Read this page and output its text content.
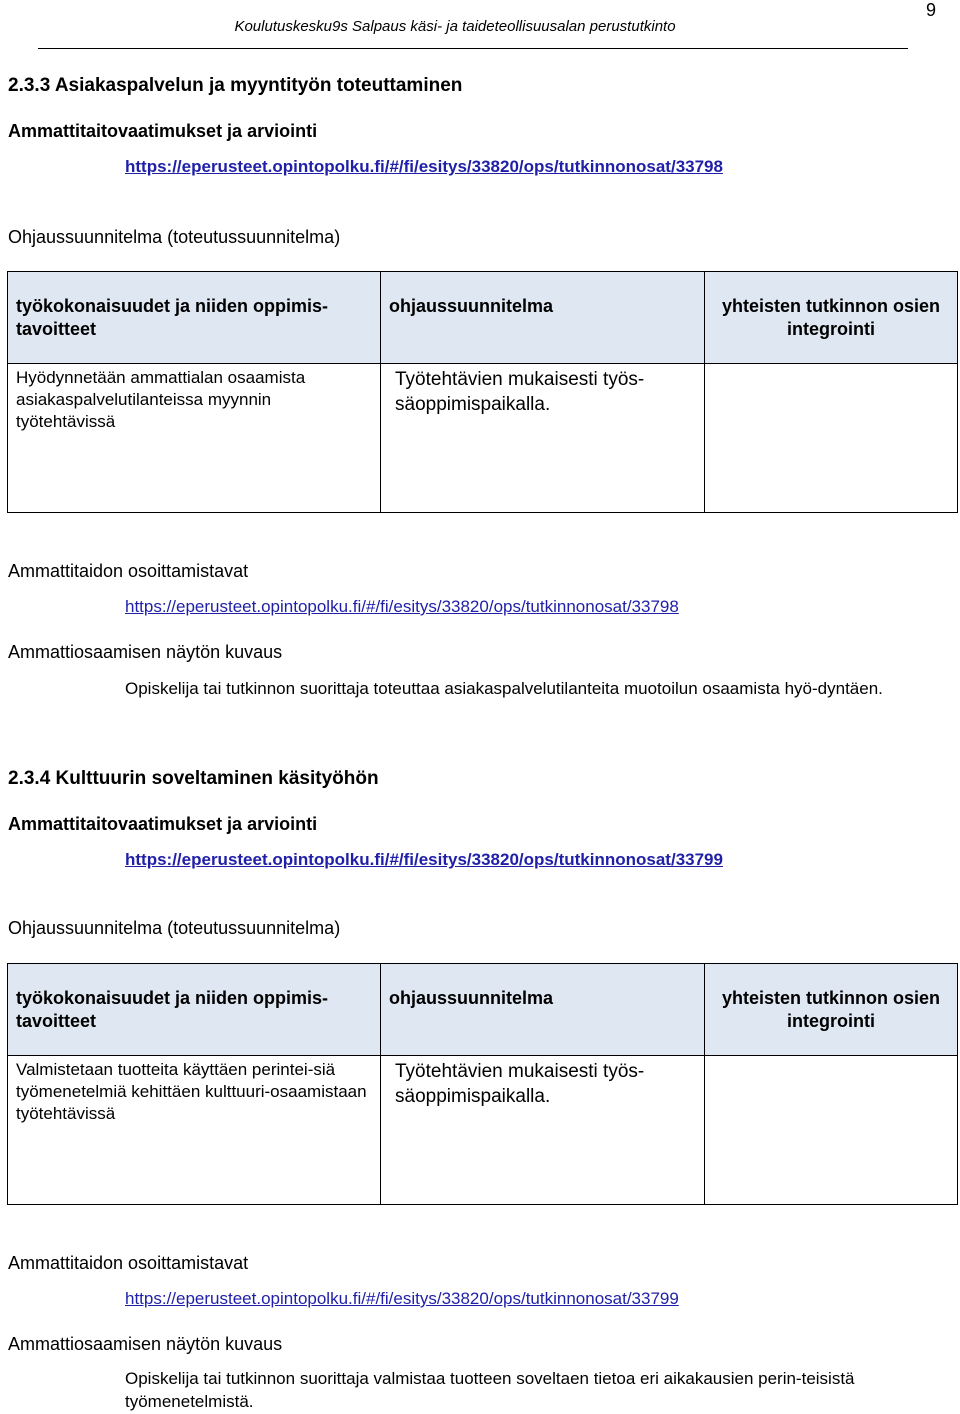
9
Koulutuskesku9s Salpaus käsi- ja taideteollisuusalan perustutkinto
2.3.3 Asiakaspalvelun ja myyntityön toteuttaminen
Ammattitaitovaatimukset ja arviointi
https://eperusteet.opintopolku.fi/#/fi/esitys/33820/ops/tutkinnonosat/33798
Ohjaussuunnitelma (toteutussuunnitelma)
työkokonaisuudet ja niiden oppimis-tavoitteet	ohjaussuunnitelma	yhteisten tutkinnon osien integrointi
Hyödynnetään ammattialan osaamista asiakaspalvelutilanteissa myynnin työtehtävissä	Työtehtävien mukaisesti työs-säoppimispaikalla.	
Ammattitaidon osoittamistavat
https://eperusteet.opintopolku.fi/#/fi/esitys/33820/ops/tutkinnonosat/33798
Ammattiosaamisen näytön kuvaus
Opiskelija tai tutkinnon suorittaja toteuttaa asiakaspalvelutilanteita muotoilun osaamista hyö-dyntäen.
2.3.4 Kulttuurin soveltaminen käsityöhön
Ammattitaitovaatimukset ja arviointi
https://eperusteet.opintopolku.fi/#/fi/esitys/33820/ops/tutkinnonosat/33799
Ohjaussuunnitelma (toteutussuunnitelma)
työkokonaisuudet ja niiden oppimis-tavoitteet	ohjaussuunnitelma	yhteisten tutkinnon osien integrointi
Valmistetaan tuotteita käyttäen perintei-siä työmenetelmiä kehittäen kulttuuri-osaamistaan työtehtävissä	Työtehtävien mukaisesti työs-säoppimispaikalla.	
Ammattitaidon osoittamistavat
https://eperusteet.opintopolku.fi/#/fi/esitys/33820/ops/tutkinnonosat/33799
Ammattiosaamisen näytön kuvaus
Opiskelija tai tutkinnon suorittaja valmistaa tuotteen soveltaen tietoa eri aikakausien perin-teisistä työmenetelmistä.
